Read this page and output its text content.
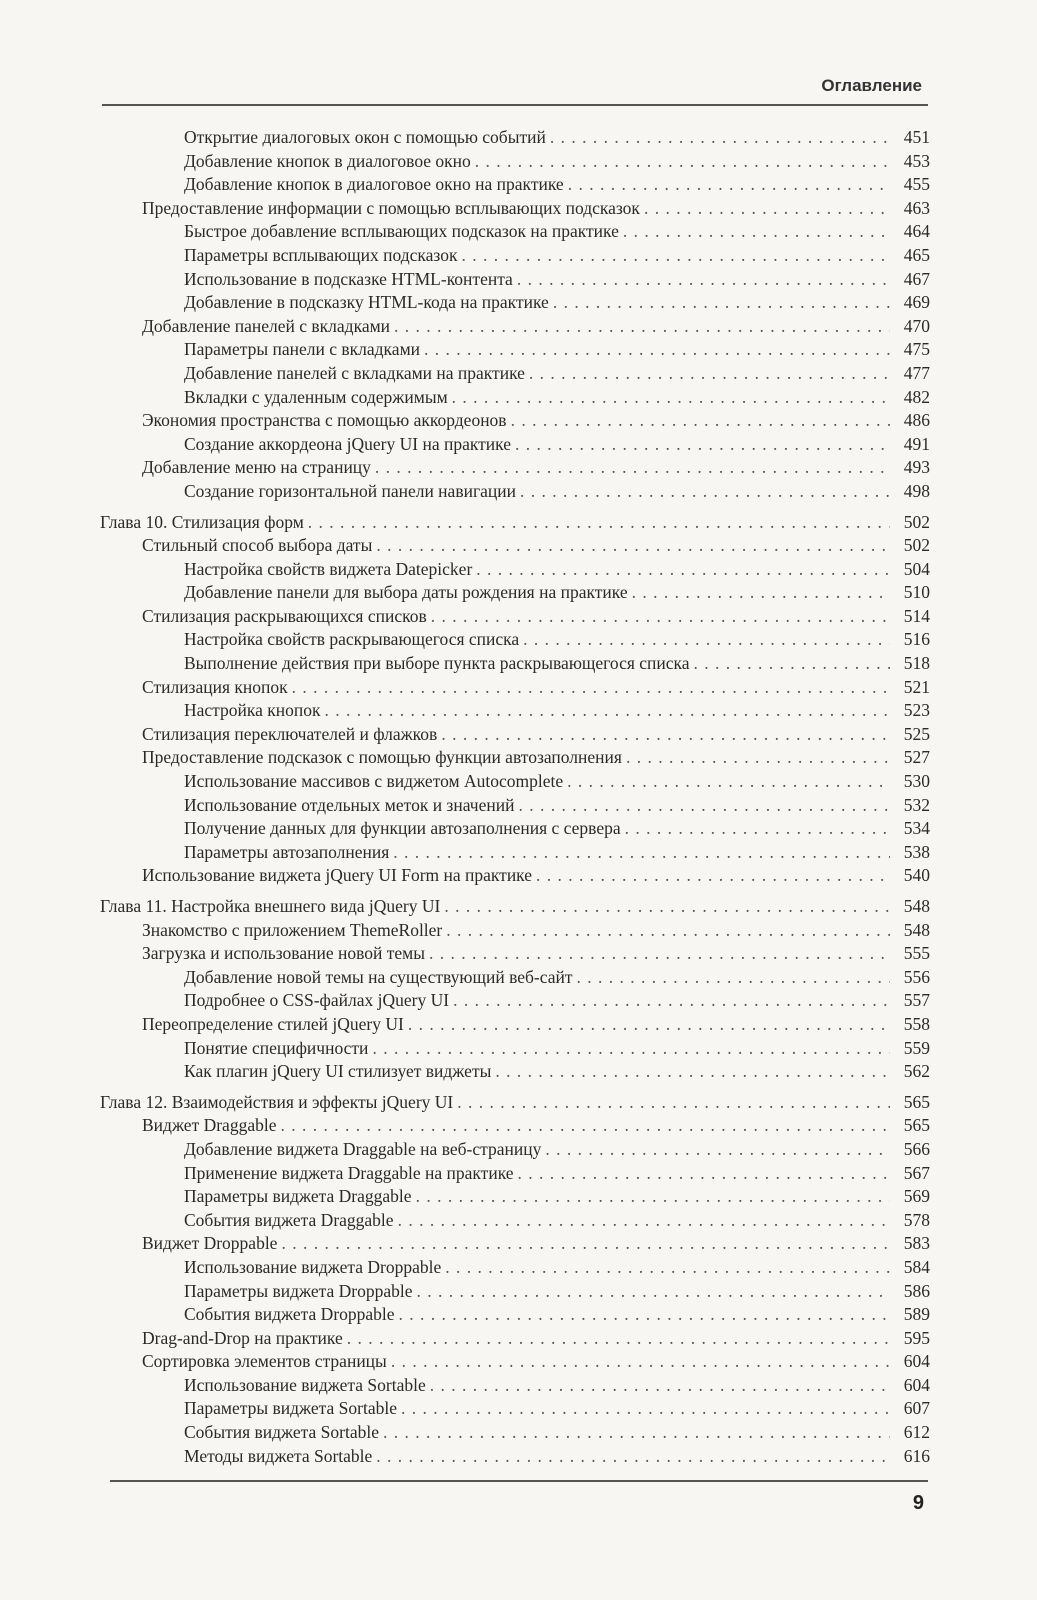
Оглавление
Открытие диалоговых окон с помощью событий . . .	451
Добавление кнопок в диалоговое окно . . .	453
Добавление кнопок в диалоговое окно на практике . . .	455
Предоставление информации с помощью всплывающих подсказок . . .	463
Быстрое добавление всплывающих подсказок на практике . . .	464
Параметры всплывающих подсказок . . .	465
Использование в подсказке HTML-контента . . .	467
Добавление в подсказку HTML-кода на практике . . .	469
Добавление панелей с вкладками . . .	470
Параметры панели с вкладками . . .	475
Добавление панелей с вкладками на практике . . .	477
Вкладки с удаленным содержимым . . .	482
Экономия пространства с помощью аккордеонов . . .	486
Создание аккордеона jQuery UI на практике . . .	491
Добавление меню на страницу . . .	493
Создание горизонтальной панели навигации . . .	498
Глава 10. Стилизация форм . . .	502
Стильный способ выбора даты . . .	502
Настройка свойств виджета Datepicker . . .	504
Добавление панели для выбора даты рождения на практике . . .	510
Стилизация раскрывающихся списков . . .	514
Настройка свойств раскрывающегося списка . . .	516
Выполнение действия при выборе пункта раскрывающегося списка . . .	518
Стилизация кнопок . . .	521
Настройка кнопок . . .	523
Стилизация переключателей и флажков . . .	525
Предоставление подсказок с помощью функции автозаполнения . . .	527
Использование массивов с виджетом Autocomplete . . .	530
Использование отдельных меток и значений . . .	532
Получение данных для функции автозаполнения с сервера . . .	534
Параметры автозаполнения . . .	538
Использование виджета jQuery UI Form на практике . . .	540
Глава 11. Настройка внешнего вида jQuery UI . . .	548
Знакомство с приложением ThemeRoller . . .	548
Загрузка и использование новой темы . . .	555
Добавление новой темы на существующий веб-сайт . . .	556
Подробнее о CSS-файлах jQuery UI . . .	557
Переопределение стилей jQuery UI . . .	558
Понятие специфичности . . .	559
Как плагин jQuery UI стилизует виджеты . . .	562
Глава 12. Взаимодействия и эффекты jQuery UI . . .	565
Виджет Draggable . . .	565
Добавление виджета Draggable на веб-страницу . . .	566
Применение виджета Draggable на практике . . .	567
Параметры виджета Draggable . . .	569
События виджета Draggable . . .	578
Виджет Droppable . . .	583
Использование виджета Droppable . . .	584
Параметры виджета Droppable . . .	586
События виджета Droppable . . .	589
Drag-and-Drop на практике . . .	595
Сортировка элементов страницы . . .	604
Использование виджета Sortable . . .	604
Параметры виджета Sortable . . .	607
События виджета Sortable . . .	612
Методы виджета Sortable . . .	616
9
